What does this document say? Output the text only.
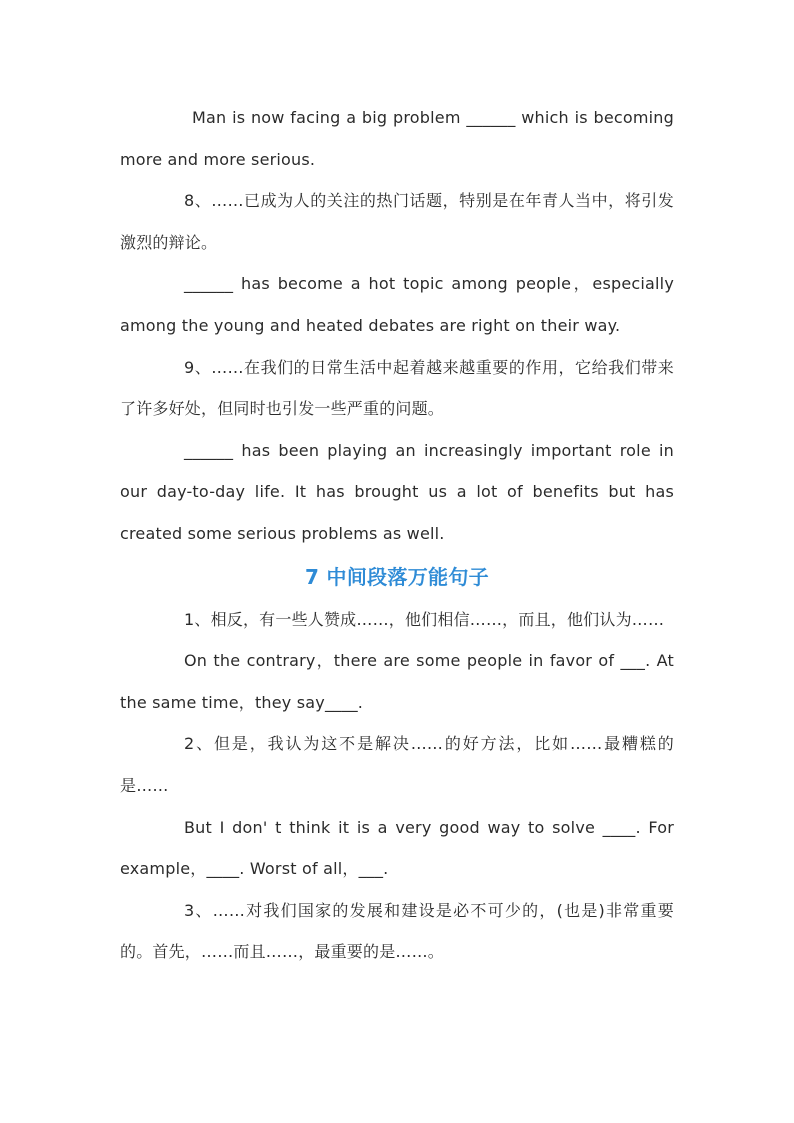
Man is now facing a big problem ______ which is becoming more and more serious.

8、……已成为人的关注的热门话题，特别是在年青人当中，将引发激烈的辩论。

______ has become a hot topic among people，especially among the young and heated debates are right on their way.

9、……在我们的日常生活中起着越来越重要的作用，它给我们带来了许多好处，但同时也引发一些严重的问题。

______ has been playing an increasingly important role in our day-to-day life. It has brought us a lot of benefits but has created some serious problems as well.

7 中间段落万能句子

1、相反，有一些人赞成……，他们相信……，而且，他们认为……

On the contrary，there are some people in favor of ___. At the same time，they say____.

2、但是，我认为这不是解决……的好方法，比如……最糟糕的是……

But I don' t think it is a very good way to solve ____. For example，____. Worst of all，___.

3、……对我们国家的发展和建设是必不可少的，(也是)非常重要的。首先，……而且……，最重要的是……。
